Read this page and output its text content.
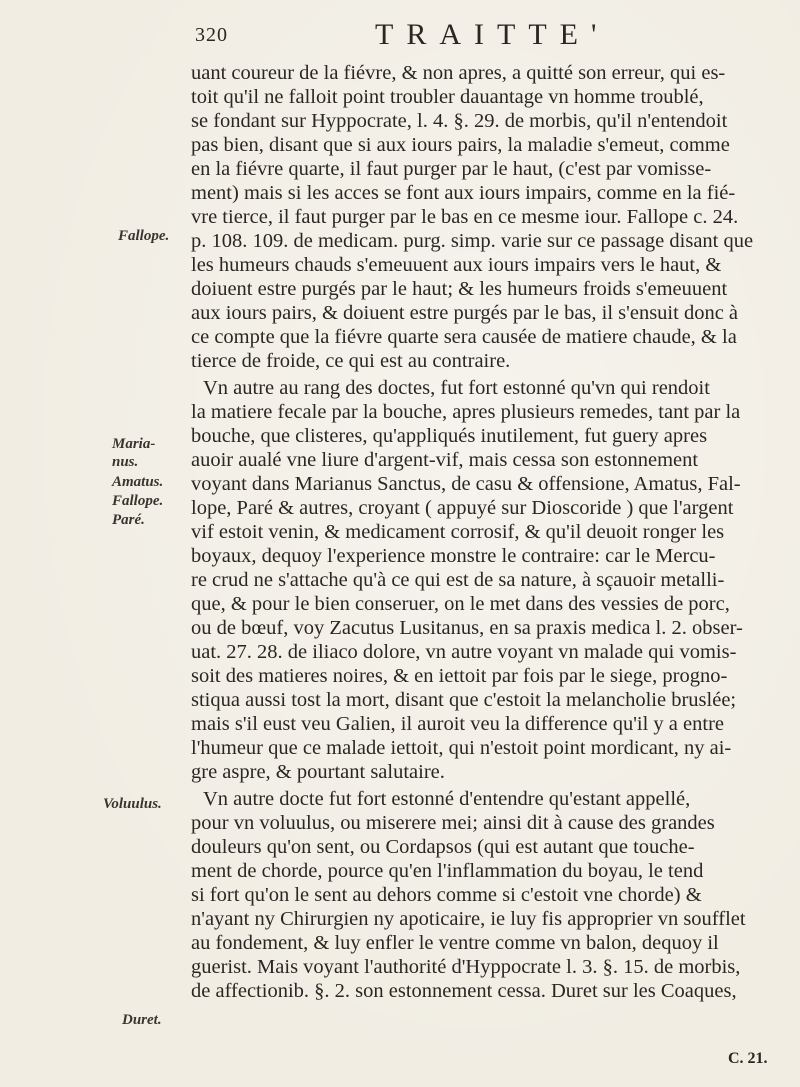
320	TRAITTE'
Fallope.
Maria-
nus.
Amatus.
Fallope.
Paré.
Voluulus.
Duret.
uant coureur de la fiévre, & non apres, a quitté son erreur, qui es-
toit qu'il ne falloit point troubler dauantage vn homme troublé,
se fondant sur Hyppocrate, l. 4. §. 29. de morbis, qu'il n'entendoit
pas bien, disant que si aux iours pairs, la maladie s'emeut, comme
en la fiévre quarte, il faut purger par le haut, (c'est par vomisse-
ment) mais si les acces se font aux iours impairs, comme en la fié-
vre tierce, il faut purger par le bas en ce mesme iour. Fallope c. 24.
p. 108. 109. de medicam. purg. simp. varie sur ce passage disant que
les humeurs chauds s'emeuuent aux iours impairs vers le haut, &
doiuent estre purgés par le haut; & les humeurs froids s'emeuuent
aux iours pairs, & doiuent estre purgés par le bas, il s'ensuit donc à
ce compte que la fiévre quarte sera causée de matiere chaude, & la
tierce de froide, ce qui est au contraire.
Vn autre au rang des doctes, fut fort estonné qu'vn qui rendoit
la matiere fecale par la bouche, apres plusieurs remedes, tant par la
bouche, que clisteres, qu'appliqués inutilement, fut guery apres
auoir aualé vne liure d'argent-vif, mais cessa son estonnement
voyant dans Marianus Sanctus, de casu & offensione, Amatus, Fal-
lope, Paré & autres, croyant ( appuyé sur Dioscoride ) que l'argent
vif estoit venin, & medicament corrosif, & qu'il deuoit ronger les
boyaux, dequoy l'experience monstre le contraire: car le Mercu-
re crud ne s'attache qu'à ce qui est de sa nature, à sçauoir metalli-
que, & pour le bien conseruer, on le met dans des vessies de porc,
ou de bœuf, voy Zacutus Lusitanus, en sa praxis medica l. 2. obser-
uat. 27. 28. de iliaco dolore, vn autre voyant vn malade qui vomis-
soit des matieres noires, & en iettoit par fois par le siege, progno-
stiqua aussi tost la mort, disant que c'estoit la melancholie bruslée;
mais s'il eust veu Galien, il auroit veu la difference qu'il y a entre
l'humeur que ce malade iettoit, qui n'estoit point mordicant, ny ai-
gre aspre, & pourtant salutaire.
Vn autre docte fut fort estonné d'entendre qu'estant appellé,
pour vn voluulus, ou miserere mei; ainsi dit à cause des grandes
douleurs qu'on sent, ou Cordapsos (qui est autant que touche-
ment de chorde, pource qu'en l'inflammation du boyau, le tend
si fort qu'on le sent au dehors comme si c'estoit vne chorde) &
n'ayant ny Chirurgien ny apoticaire, ie luy fis approprier vn soufflet
au fondement, & luy enfler le ventre comme vn balon, dequoy il
guerist. Mais voyant l'authorité d'Hyppocrate l. 3. §. 15. de morbis,
de affectionib. §. 2. son estonnement cessa. Duret sur les Coaques,
C. 21.
